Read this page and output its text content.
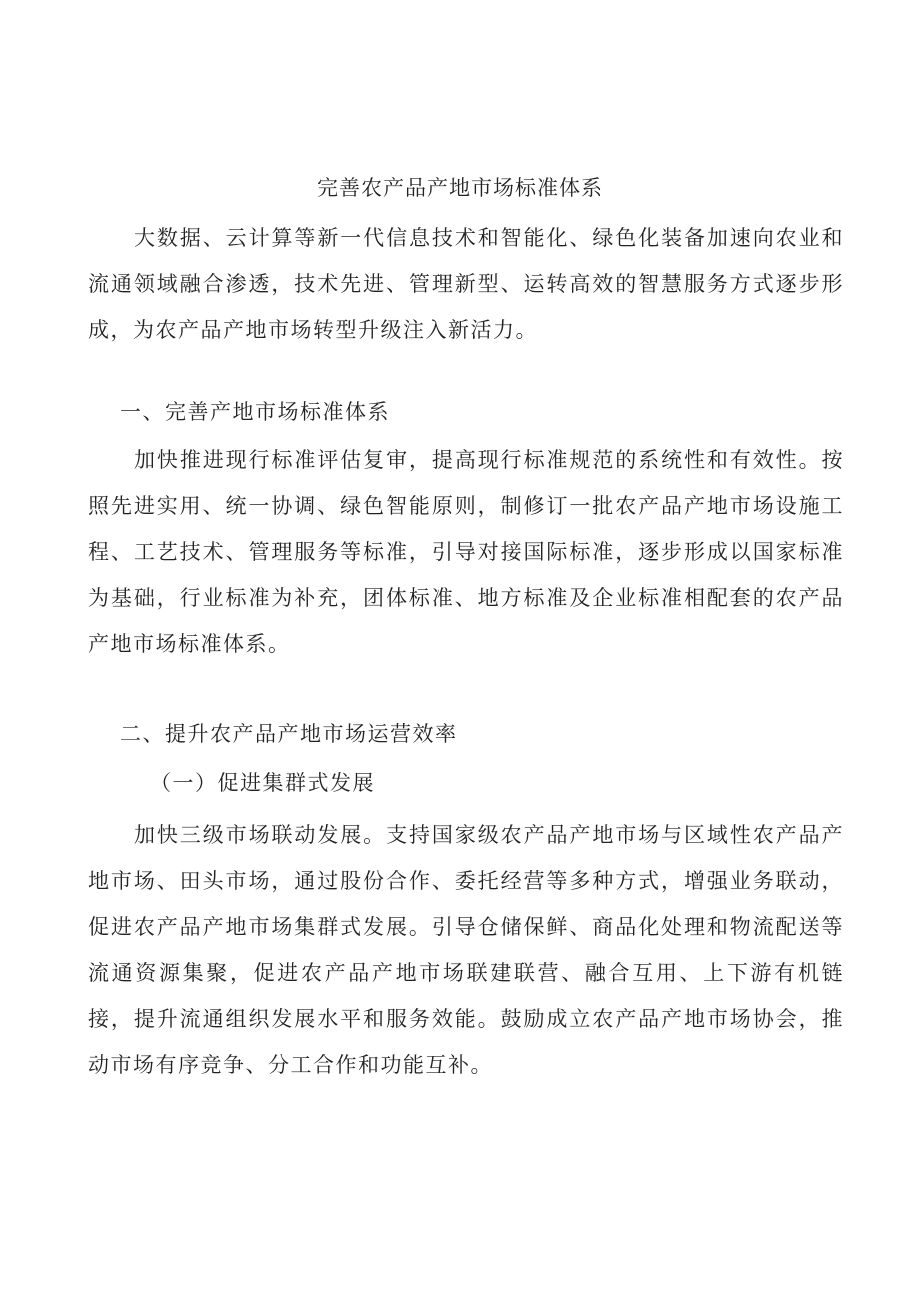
完善农产品产地市场标准体系

大数据、云计算等新一代信息技术和智能化、绿色化装备加速向农业和流通领域融合渗透，技术先进、管理新型、运转高效的智慧服务方式逐步形成，为农产品产地市场转型升级注入新活力。

一、完善产地市场标准体系

加快推进现行标准评估复审，提高现行标准规范的系统性和有效性。按照先进实用、统一协调、绿色智能原则，制修订一批农产品产地市场设施工程、工艺技术、管理服务等标准，引导对接国际标准，逐步形成以国家标准为基础，行业标准为补充，团体标准、地方标准及企业标准相配套的农产品产地市场标准体系。

二、提升农产品产地市场运营效率
（一）促进集群式发展

加快三级市场联动发展。支持国家级农产品产地市场与区域性农产品产地市场、田头市场，通过股份合作、委托经营等多种方式，增强业务联动，促进农产品产地市场集群式发展。引导仓储保鲜、商品化处理和物流配送等流通资源集聚，促进农产品产地市场联建联营、融合互用、上下游有机链接，提升流通组织发展水平和服务效能。鼓励成立农产品产地市场协会，推动市场有序竞争、分工合作和功能互补。
